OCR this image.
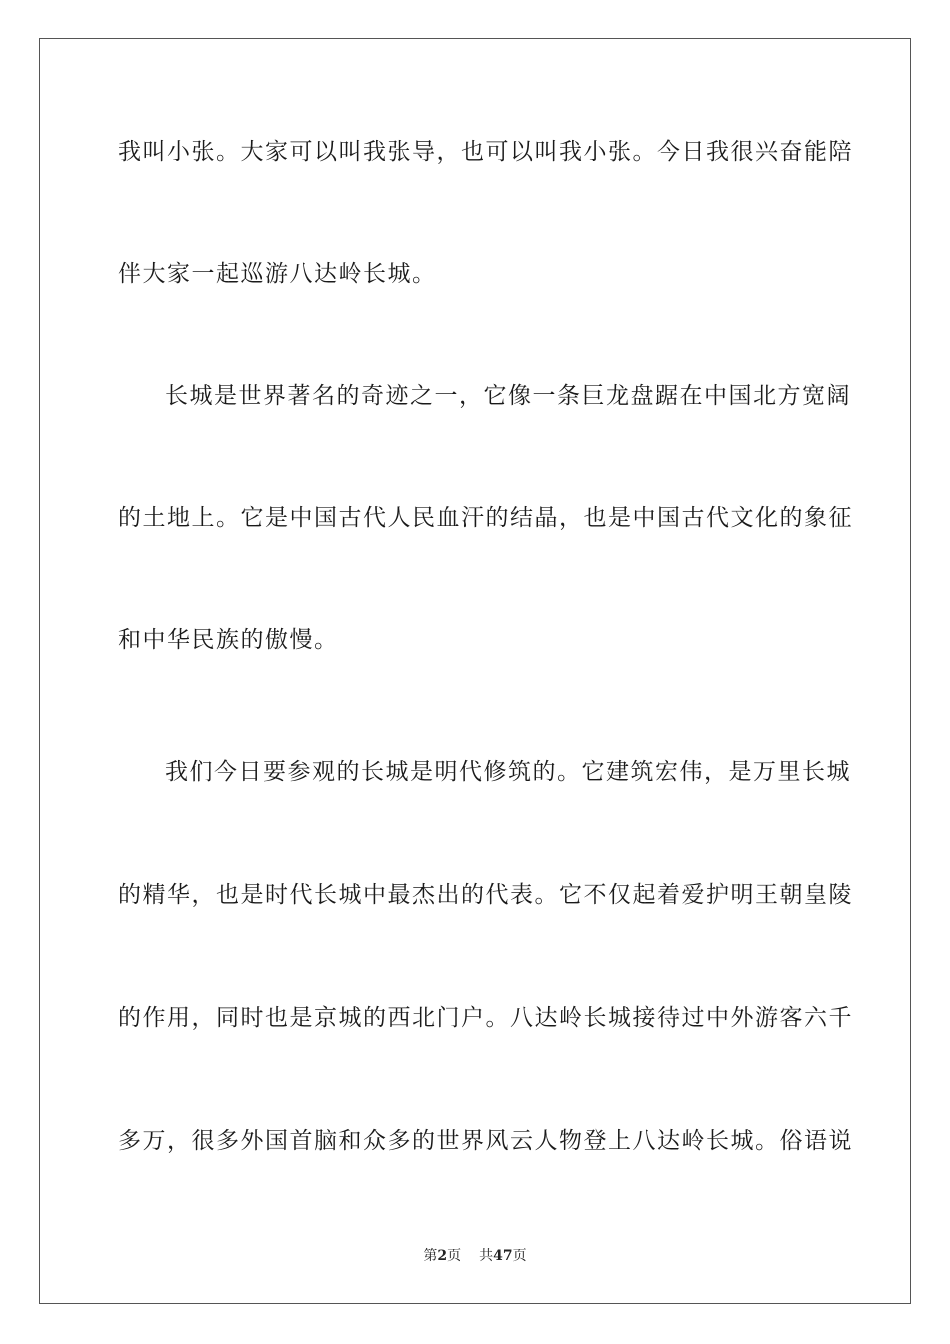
我叫小张。大家可以叫我张导，也可以叫我小张。今日我很兴奋能陪
伴大家一起巡游八达岭长城。
长城是世界著名的奇迹之一，它像一条巨龙盘踞在中国北方宽阔
的土地上。它是中国古代人民血汗的结晶，也是中国古代文化的象征
和中华民族的傲慢。
我们今日要参观的长城是明代修筑的。它建筑宏伟，是万里长城
的精华，也是时代长城中最杰出的代表。它不仅起着爱护明王朝皇陵
的作用，同时也是京城的西北门户。八达岭长城接待过中外游客六千
多万，很多外国首脑和众多的世界风云人物登上八达岭长城。俗语说
第2页 共47页
